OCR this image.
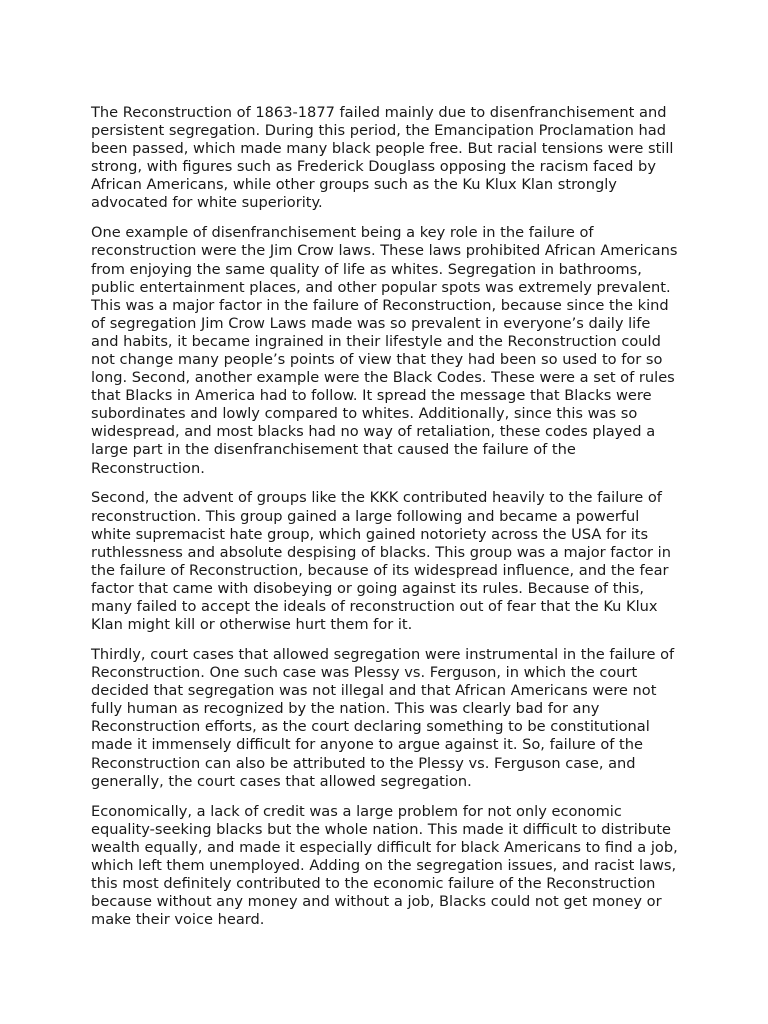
The Reconstruction of 1863-1877 failed mainly due to disenfranchisement and persistent segregation. During this period, the Emancipation Proclamation had been passed, which made many black people free. But racial tensions were still strong, with figures such as Frederick Douglass opposing the racism faced by African Americans, while other groups such as the Ku Klux Klan strongly advocated for white superiority.

One example of disenfranchisement being a key role in the failure of reconstruction were the Jim Crow laws. These laws prohibited African Americans from enjoying the same quality of life as whites. Segregation in bathrooms, public entertainment places, and other popular spots was extremely prevalent. This was a major factor in the failure of Reconstruction, because since the kind of segregation Jim Crow Laws made was so prevalent in everyone’s daily life and habits, it became ingrained in their lifestyle and the Reconstruction could not change many people’s points of view that they had been so used to for so long. Second, another example were the Black Codes. These were a set of rules that Blacks in America had to follow. It spread the message that Blacks were subordinates and lowly compared to whites. Additionally, since this was so widespread, and most blacks had no way of retaliation, these codes played a large part in the disenfranchisement that caused the failure of the Reconstruction.

Second, the advent of groups like the KKK contributed heavily to the failure of reconstruction. This group gained a large following and became a powerful white supremacist hate group, which gained notoriety across the USA for its ruthlessness and absolute despising of blacks. This group was a major factor in the failure of Reconstruction, because of its widespread influence, and the fear factor that came with disobeying or going against its rules. Because of this, many failed to accept the ideals of reconstruction out of fear that the Ku Klux Klan might kill or otherwise hurt them for it.

Thirdly, court cases that allowed segregation were instrumental in the failure of Reconstruction. One such case was Plessy vs. Ferguson, in which the court decided that segregation was not illegal and that African Americans were not fully human as recognized by the nation. This was clearly bad for any Reconstruction efforts, as the court declaring something to be constitutional made it immensely difficult for anyone to argue against it. So, failure of the Reconstruction can also be attributed to the Plessy vs. Ferguson case, and generally, the court cases that allowed segregation.

Economically, a lack of credit was a large problem for not only economic equality-seeking blacks but the whole nation. This made it difficult to distribute wealth equally, and made it especially difficult for black Americans to find a job, which left them unemployed. Adding on the segregation issues, and racist laws, this most definitely contributed to the economic failure of the Reconstruction because without any money and without a job, Blacks could not get money or make their voice heard.
